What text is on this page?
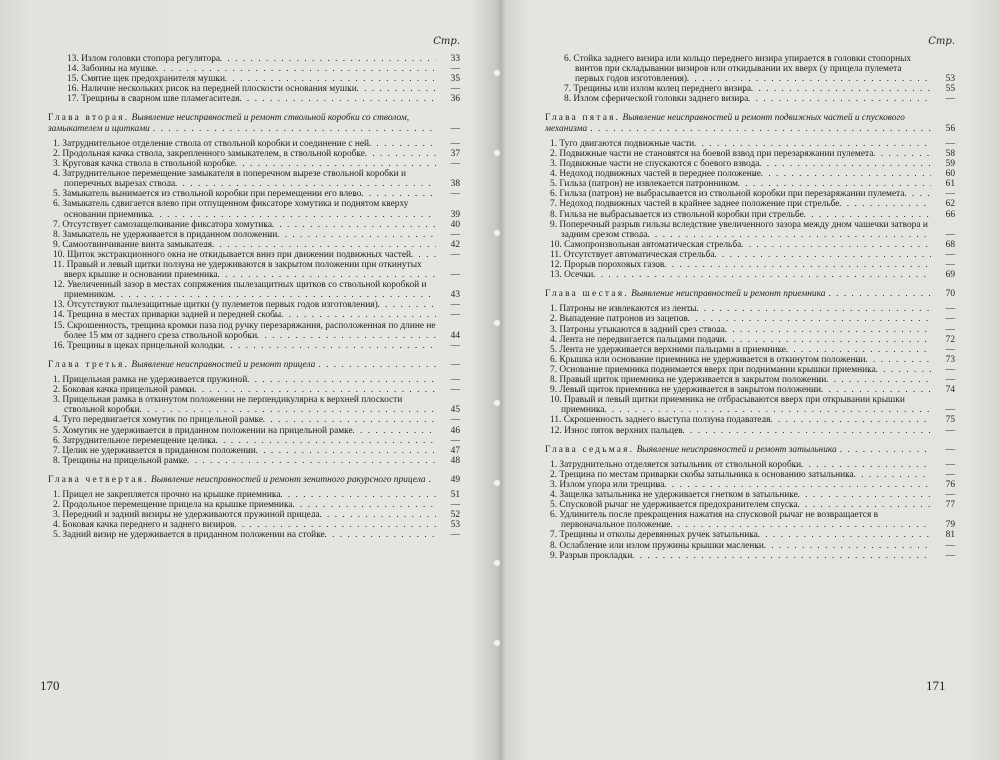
Стр.
13. Излом головки стопора регулятора . . .	33
14. Забоины на мушке . . .	—
15. Смятие щек предохранителя мушки . . .	35
16. Наличие нескольких рисок на передней плоскости основания мушки . . .	—
17. Трещины в сварном шве пламегасителя . . .	36
Глава вторая. Выявление неисправностей и ремонт ствольной коробки со стволом, замыкателем и щитками . . .	—
1. Затруднительное отделение ствола от ствольной коробки и соединение с ней . . .	—
2. Продольная качка ствола, закрепленного замыкателем, в ствольной коробке . . .	37
3. Круговая качка ствола в ствольной коробке . . .	—
4. Затруднительное перемещение замыкателя в поперечном вырезе ствольной коробки и поперечных вырезах ствола . . .	38
5. Замыкатель вынимается из ствольной коробки при перемещении его влево . . .	—
6. Замыкатель сдвигается влево при отпущенном фиксаторе хомутика и поднятом кверху основании приемника . . .	39
7. Отсутствует самозащелкивание фиксатора хомутика . . .	40
8. Замыкатель не удерживается в приданном положении . . .	—
9. Самоотвинчивание винта замыкателя . . .	42
10. Щиток экстракционного окна не откидывается вниз при движении подвижных частей . . .	—
11. Правый и левый щитки ползуна не удерживаются в закрытом положении при откинутых вверх крышке и основании приемника . . .	—
12. Увеличенный зазор в местах сопряжения пылезащитных щитков со ствольной коробкой и приемником . . .	43
13. Отсутствуют пылезащитные щитки (у пулеметов первых годов изготовления) . . .	—
14. Трещина в местах приварки задней и передней скобы . . .	—
15. Скрошенность, трещина кромки паза под ручку перезаряжания, расположенная по длине не более 15 мм от заднего среза ствольной коробки . . .	44
16. Трещины в щеках прицельной колодки . . .	—
Глава третья. Выявление неисправностей и ремонт прицела . . .	—
1. Прицельная рамка не удерживается пружиной . . .	—
2. Боковая качка прицельной рамки . . .	—
3. Прицельная рамка в откинутом положении не перпендикулярна к верхней плоскости ствольной коробки . . .	45
4. Туго передвигается хомутик по прицельной рамке . . .	—
5. Хомутик не удерживается в приданном положении на прицельной рамке . . .	46
6. Затруднительное перемещение целика . . .	—
7. Целик не удерживается в приданном положении . . .	47
8. Трещины на прицельной рамке . . .	48
Глава четвертая. Выявление неисправностей и ремонт зенитного ракурсного прицела . . .	49
1. Прицел не закрепляется прочно на крышке приемника . . .	51
2. Продольное перемещение прицела на крышке приемника . . .	—
3. Передний и задний визиры не удерживаются пружиной прицела . . .	52
4. Боковая качка переднего и заднего визиров . . .	53
5. Задний визир не удерживается в приданном положении на стойке . . .	—
170
Стр.
6. Стойка заднего визира или кольцо переднего визира упирается в головки стопорных винтов при складывании визиров или откидывании их вверх (у прицела пулемета первых годов изготовления) . . .	53
7. Трещины или излом колец переднего визира . . .	55
8. Излом сферической головки заднего визира . . .	—
Глава пятая. Выявление неисправностей и ремонт подвижных частей и спускового механизма . . .	56
1. Туго двигаются подвижные части . . .	—
2. Подвижные части не становятся на боевой взвод при перезаряжании пулемета . . .	58
3. Подвижные части не спускаются с боевого взвода . . .	59
4. Недоход подвижных частей в переднее положение . . .	60
5. Гильза (патрон) не извлекается патронником . . .	61
6. Гильза (патрон) не выбрасывается из ствольной коробки при перезаряжании пулемета . . .	—
7. Недоход подвижных частей в крайнее заднее положение при стрельбе . . .	62
8. Гильза не выбрасывается из ствольной коробки при стрельбе . . .	66
9. Поперечный разрыв гильзы вследствие увеличенного зазора между дном чашечки затвора и задним срезом ствола . . .	—
10. Самопроизвольная автоматическая стрельба . . .	68
11. Отсутствует автоматическая стрельба . . .	—
12. Прорыв пороховых газов . . .	—
13. Осечки . . .	69
Глава шестая. Выявление неисправностей и ремонт приемника . . .	70
1. Патроны не извлекаются из ленты . . .	—
2. Выпадение патронов из зацепов . . .	—
3. Патроны утыкаются в задний срез ствола . . .	—
4. Лента не передвигается пальцами подачи . . .	72
5. Лента не удерживается верхними пальцами в приемнике . . .	—
6. Крышка или основание приемника не удерживается в откинутом положении . . .	73
7. Основание приемника поднимается вверх при поднимании крышки приемника . . .	—
8. Правый щиток приемника не удерживается в закрытом положении . . .	—
9. Левый щиток приемника не удерживается в закрытом положении . . .	74
10. Правый и левый щитки приемника не отбрасываются вверх при открывании крышки приемника . . .	—
11. Скрошенность заднего выступа ползуна подавателя . . .	75
12. Износ пяток верхних пальцев . . .	—
Глава седьмая. Выявление неисправностей и ремонт затыльника . . .	—
1. Затруднительно отделяется затыльник от ствольной коробки . . .	—
2. Трещина по местам приварки скобы затыльника к основанию затыльника . . .	—
3. Излом упора или трещина . . .	76
4. Защелка затыльника не удерживается гнетком в затыльнике . . .	—
5. Спусковой рычаг не удерживается предохранителем спуска . . .	77
6. Удлинитель после прекращения нажатия на спусковой рычаг не возвращается в первоначальное положение . . .	79
7. Трещины и отколы деревянных ручек затыльника . . .	81
8. Ослабление или излом пружины крышки масленки . . .	—
9. Разрыв прокладки . . .	—
171
